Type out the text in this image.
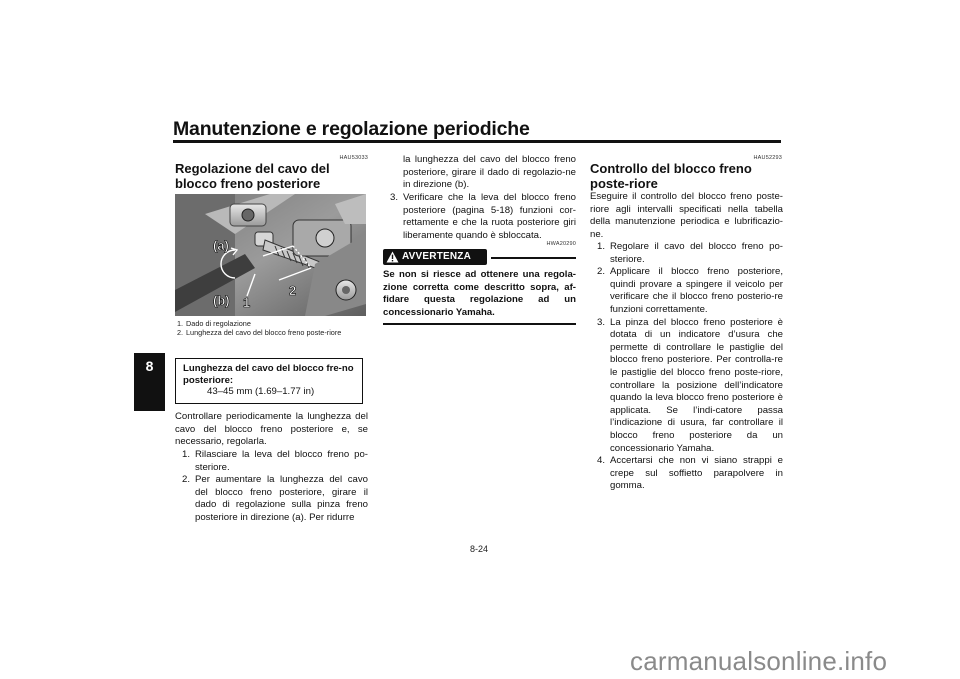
Manutenzione e regolazione periodiche
8
HAU53033
Regolazione del cavo del blocco freno posteriore
(a)
(b) 1
2
1. Dado di regolazione
2. Lunghezza del cavo del blocco freno poste-riore
Lunghezza del cavo del blocco fre-no posteriore:
43–45 mm (1.69–1.77 in)

Controllare periodicamente la lunghezza del cavo del blocco freno posteriore e, se necessario, regolarla.

1. Rilasciare la leva del blocco freno po-steriore.
2. Per aumentare la lunghezza del cavo del blocco freno posteriore, girare il dado di regolazione sulla pinza freno posteriore in direzione (a). Per ridurre

la lunghezza del cavo del blocco freno posteriore, girare il dado di regolazio-ne in direzione (b).

3. Verificare che la leva del blocco freno posteriore (pagina 5-18) funzioni cor-rettamente e che la ruota posteriore giri liberamente quando è sbloccata.
HWA20290
AVVERTENZA
Se non si riesce ad ottenere una regola-zione corretta come descritto sopra, af-fidare questa regolazione ad un concessionario Yamaha.
HAU52293
Controllo del blocco freno poste-riore

Eseguire il controllo del blocco freno poste-riore agli intervalli specificati nella tabella della manutenzione periodica e lubrificazio-ne.

1. Regolare il cavo del blocco freno po-steriore.
2. Applicare il blocco freno posteriore, quindi provare a spingere il veicolo per verificare che il blocco freno posterio-re funzioni correttamente.
3. La pinza del blocco freno posteriore è dotata di un indicatore d’usura che permette di controllare le pastiglie del blocco freno posteriore. Per controlla-re le pastiglie del blocco freno poste-riore, controllare la posizione dell’indicatore quando la leva blocco freno posteriore è applicata. Se l’indi-catore passa l’indicazione di usura, far controllare il blocco freno posteriore da un concessionario Yamaha.
4. Accertarsi che non vi siano strappi e crepe sul soffietto parapolvere in gomma.
8-24
carmanualsonline.info
